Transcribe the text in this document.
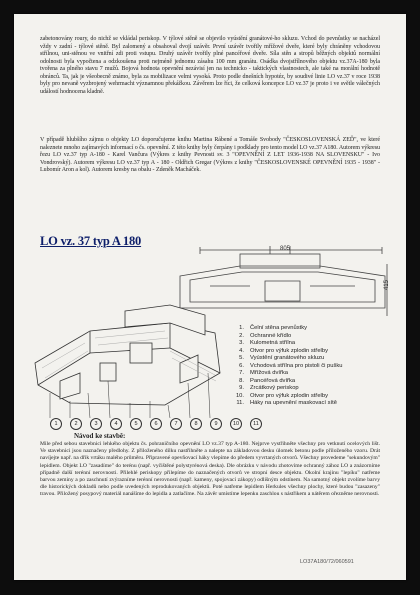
zabetonovány roury, do nichž se vkládal periskop. V týlové stěně se objevilo vyústění granátové-ho skluzu. Vchod do pevnůstky se nacházel vždy v zadní - týlové stěně. Byl zalomený a obsahoval dvojí uzávěr. První uzávěr tvořily mřížové dveře, které byly chráněny vchodovou střílnou, uni-stěnou ve vnitřní zdi proti vstupu. Druhý uzávěr tvořily plné pancéřové dveře. Síla stěn a stropů běžných objektů normální odolnosti byla vypočtena a odzkoušena proti nejméně jednomu zásahu 100 mm granátu. Osádka dvojstřílnového objektu vz.37A-180 byla tvořena za plného stavu 7 mužů. Bojová hodnota opevnění nezávisí jen na technicko - taktických vlastnostech, ale také na morální hodnotě obránců. Ta, jak je všeobecně známo, byla za mobilizace velmi vysoká. Proto podle dnešních hypotéz, by soudivé linie LO vz.37 v roce 1938 byly pro nevaně vyzbrojený wehrmacht významnou překážkou. Závěrem lze říci, že celková koncepce LO vz.37 je proto i ve světle válečných událostí hodnocena kladně.
V případě hlubšího zájmu o objekty LO doporučujeme knihu Martina Rábené a Tomáše Svobody "ČESKOSLOVENSKÁ ZEĎ", ve které naleznete mnoho zajímavých informací o čs. opevnění. Z této knihy byly čerpány i podklady pro tento model LO vz.37 A180. Autorem výkresu řezu LO vz.37 typ A-180 - Karel Vančura (Výkres z knihy Pevnosti sv. 3 "OPEVNĚNÍ Z LET 1936-1938 NA SLOVENSKU" - Ivo Vondrovský). Autorem výkresu LO vz.37 typ A - 180 - Oldřich Gregar (Výkres z knihy "ČESKOSLOVENSKÉ OPEVNĚNÍ 1935 - 1938" - Lubomír Aron a kol). Autorem kresby na obalu - Zdeněk Macháček.
LO vz. 37 typ A 180
805
415
1. Čelní stěna pevnůstky
2. Ochranné křídlo
3. Kulometná střílna
4. Otvor pro výfuk zplodin střelby
5. Vyústění granátového skluzu
6. Vchodová střílna pro pistoli či pušku
7. Mřížová dvířka
8. Pancéřová dvířka
9. Zrcátkový periskop
10. Otvor pro výfuk zplodin střelby
11. Háky na upevnění maskovací sítě
1	2	3	4	5	6	7	8	9	10	11
Návod ke stavbě:
Mile před sebou stavebnici lehkého objektu čs. pohraničního opevnění LO vz.37 typ A-180. Nejprve vystřihněte všechny pro vetknutí ocelových lišt. Ve stavebnici jsou naznačeny předlohy. Z přiloženého dílku nastřihněte a nalepte na základovou desku úlomek betonu podle přiloženého vzoru. Drát navíjejte např. na dřík vrtáku malého průměru. Připravené opevňovací háky vlepíme do předem vyvrtaných otvorů. Všechny provedeme "sekundovým" lepidlem. Objekt LO "zasadíme" do terénu (např. vyčištěné polystyrénová deska). Dle obrázku v návodu zhotovíme ochranný zához LO a znázorníme případně další terénní nerovnosti. Přilehlé periskopy přilepíme do naznačených otvorů ve stropní desce objektu. Okolní krajinu "lepíku" natřeme barvou zeminy a po zaschnutí zvýrazníme terénní nerovnosti (např. kameny, spojovací zákopy) odlišným odstínem. Na samotný objekt zvolíme barvy dle historických dokladů nebo podle uvedených reprodukovaných objektů. Poté natřeme lepidlem Herkules všechny plochy, které budou "zasazeny" travou. Přiložený posypový materiál nanášíme do lepidla a zatlačíme. Na závěr umístíme lepenku zaschlou s nástřikem a nátěrem ořezněme nerovnosti.
LO37A180/72/060591
